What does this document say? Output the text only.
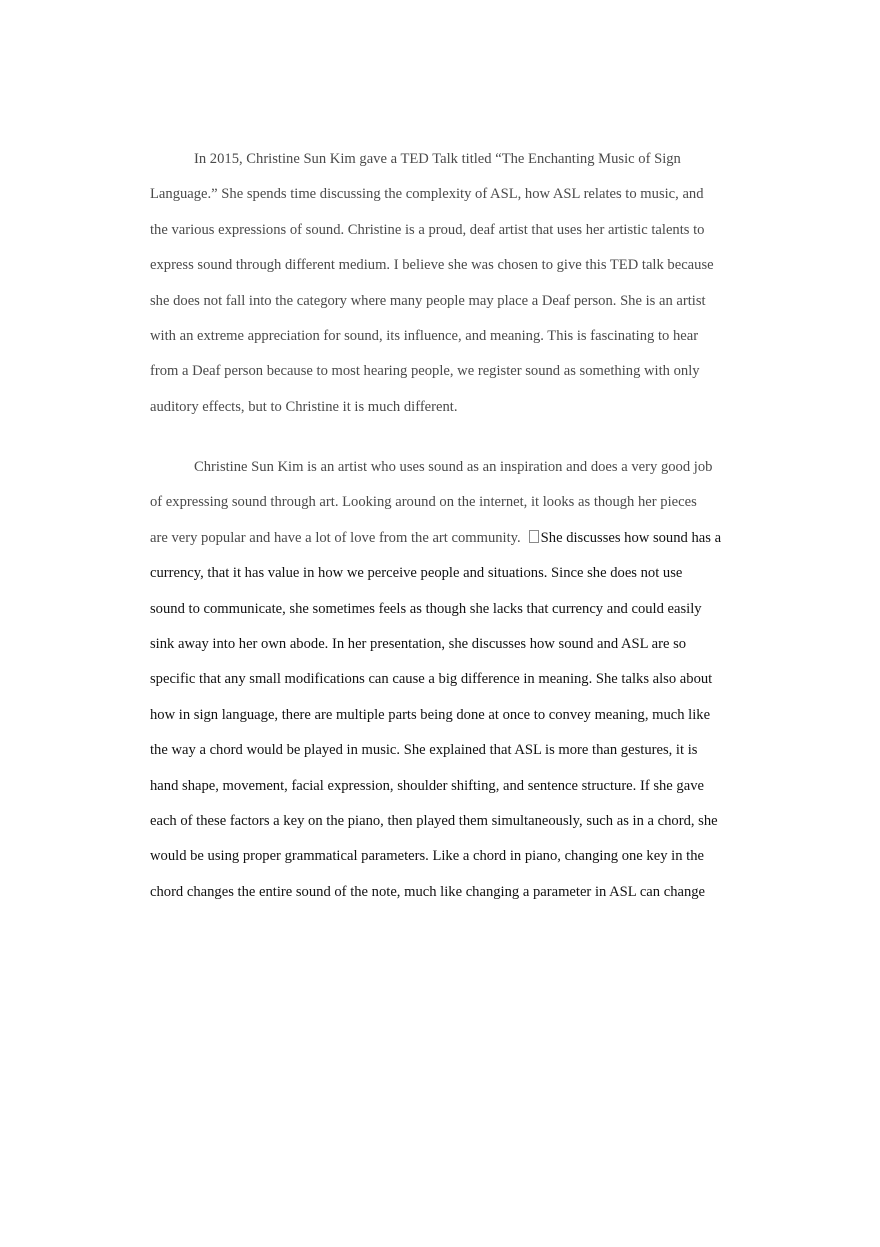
In 2015, Christine Sun Kim gave a TED Talk titled “The Enchanting Music of Sign
Language.” She spends time discussing the complexity of ASL, how ASL relates to music, and
the various expressions of sound. Christine is a proud, deaf artist that uses her artistic talents to
express sound through different medium. I believe she was chosen to give this TED talk because
she does not fall into the category where many people may place a Deaf person. She is an artist
with an extreme appreciation for sound, its influence, and meaning. This is fascinating to hear
from a Deaf person because to most hearing people, we register sound as something with only
auditory effects, but to Christine it is much different.
Christine Sun Kim is an artist who uses sound as an inspiration and does a very good job
of expressing sound through art. Looking around on the internet, it looks as though her pieces
are very popular and have a lot of love from the art community. She discusses how sound has a
currency, that it has value in how we perceive people and situations. Since she does not use
sound to communicate, she sometimes feels as though she lacks that currency and could easily
sink away into her own abode. In her presentation, she discusses how sound and ASL are so
specific that any small modifications can cause a big difference in meaning. She talks also about
how in sign language, there are multiple parts being done at once to convey meaning, much like
the way a chord would be played in music. She explained that ASL is more than gestures, it is
hand shape, movement, facial expression, shoulder shifting, and sentence structure. If she gave
each of these factors a key on the piano, then played them simultaneously, such as in a chord, she
would be using proper grammatical parameters. Like a chord in piano, changing one key in the
chord changes the entire sound of the note, much like changing a parameter in ASL can change
